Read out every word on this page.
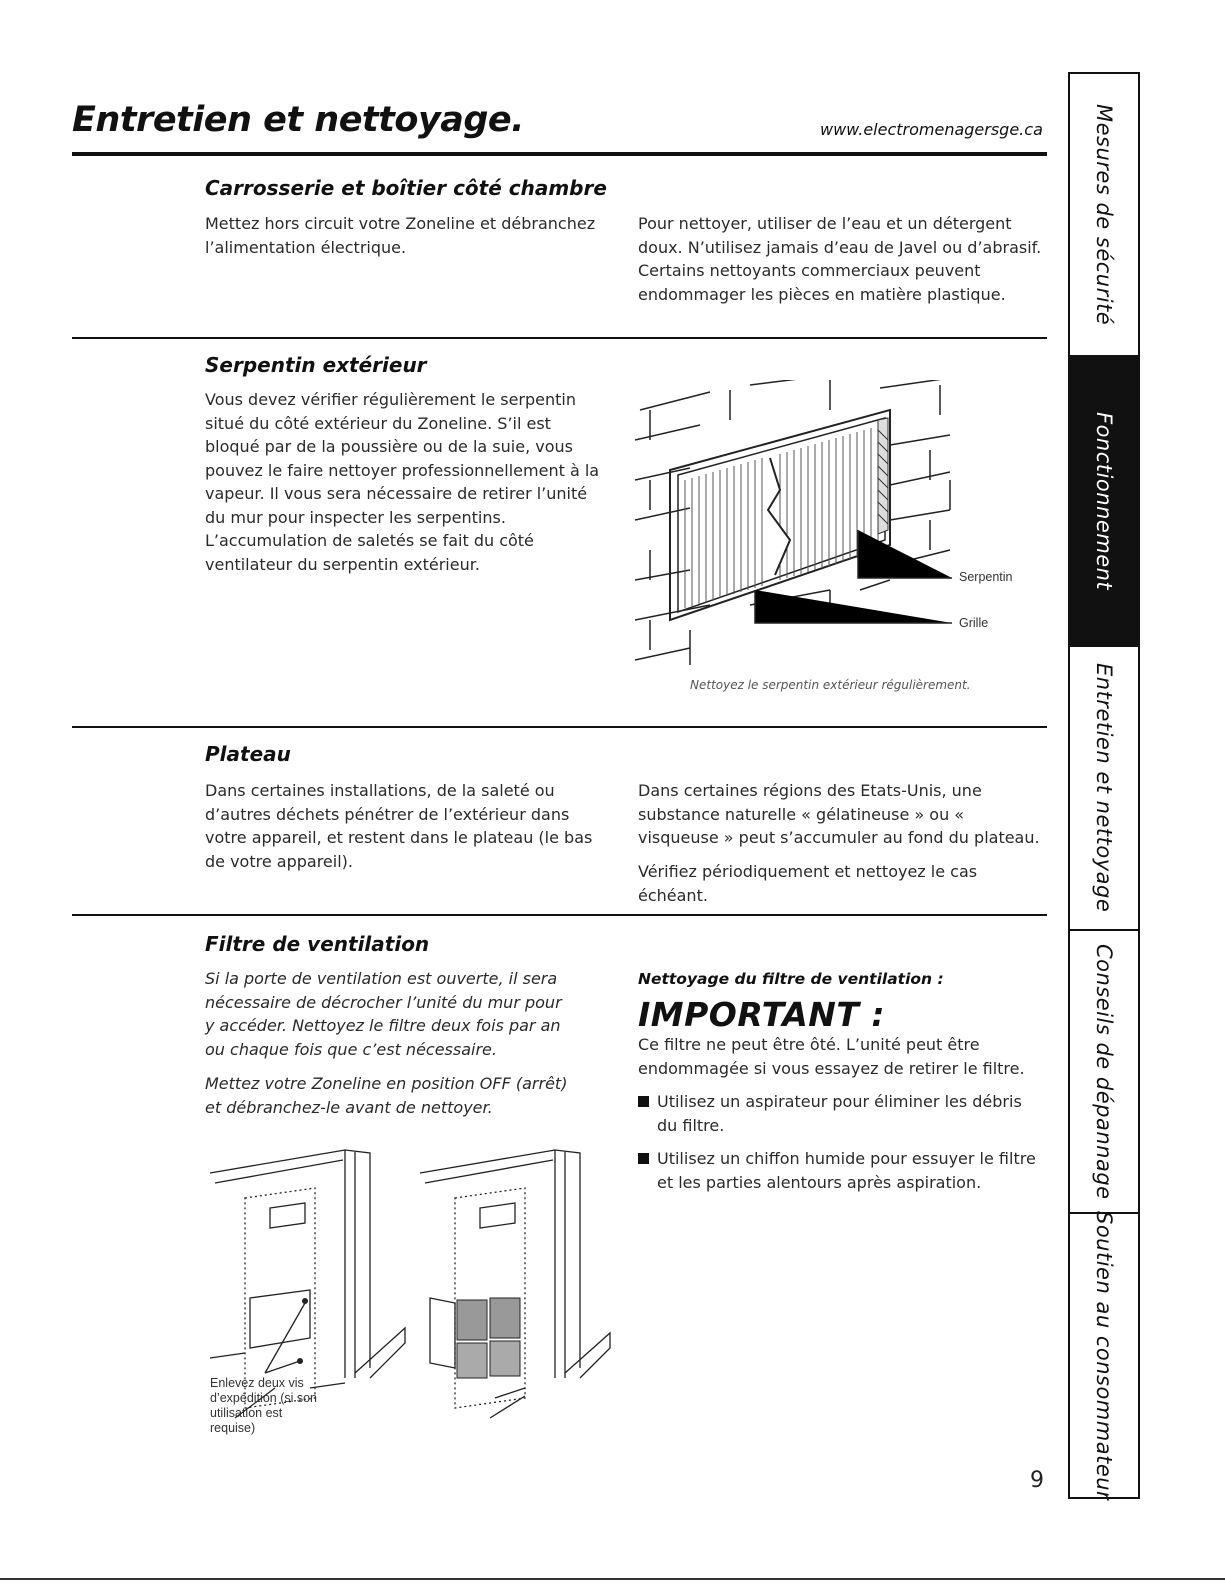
Entretien et nettoyage.	www.electromenagersge.ca
Carrosserie et boîtier côté chambre

Mettez hors circuit votre Zoneline et débranchez l’alimentation électrique.

Pour nettoyer, utiliser de l’eau et un détergent doux. N’utilisez jamais d’eau de Javel ou d’abrasif. Certains nettoyants commerciaux peuvent endommager les pièces en matière plastique.

Serpentin extérieur

Vous devez vérifier régulièrement le serpentin situé du côté extérieur du Zoneline. S’il est bloqué par de la poussière ou de la suie, vous pouvez le faire nettoyer professionnellement à la vapeur. Il vous sera nécessaire de retirer l’unité du mur pour inspecter les serpentins. L’accumulation de saletés se fait du côté ventilateur du serpentin extérieur.

Serpentin
Grille
Nettoyez le serpentin extérieur régulièrement.
Plateau

Dans certaines installations, de la saleté ou d’autres déchets pénétrer de l’extérieur dans votre appareil, et restent dans le plateau (le bas de votre appareil).

Dans certaines régions des Etats-Unis, une substance naturelle « gélatineuse » ou « visqueuse » peut s’accumuler au fond du plateau.

Vérifiez périodiquement et nettoyez le cas échéant.

Filtre de ventilation

Si la porte de ventilation est ouverte, il sera nécessaire de décrocher l’unité du mur pour y accéder. Nettoyez le filtre deux fois par an ou chaque fois que c’est nécessaire.

Mettez votre Zoneline en position OFF (arrêt) et débranchez-le avant de nettoyer.

Enlevez deux vis d’expédition (si son utilisation est requise)
Nettoyage du filtre de ventilation :
IMPORTANT :

Ce filtre ne peut être ôté. L’unité peut être endommagée si vous essayez de retirer le filtre.

Utilisez un aspirateur pour éliminer les débris du filtre.

Utilisez un chiffon humide pour essuyer le filtre et les parties alentours après aspiration.

9
Mesures de sécurité
Fonctionnement
Entretien et nettoyage
Conseils de dépannage
Soutien au consommateur
